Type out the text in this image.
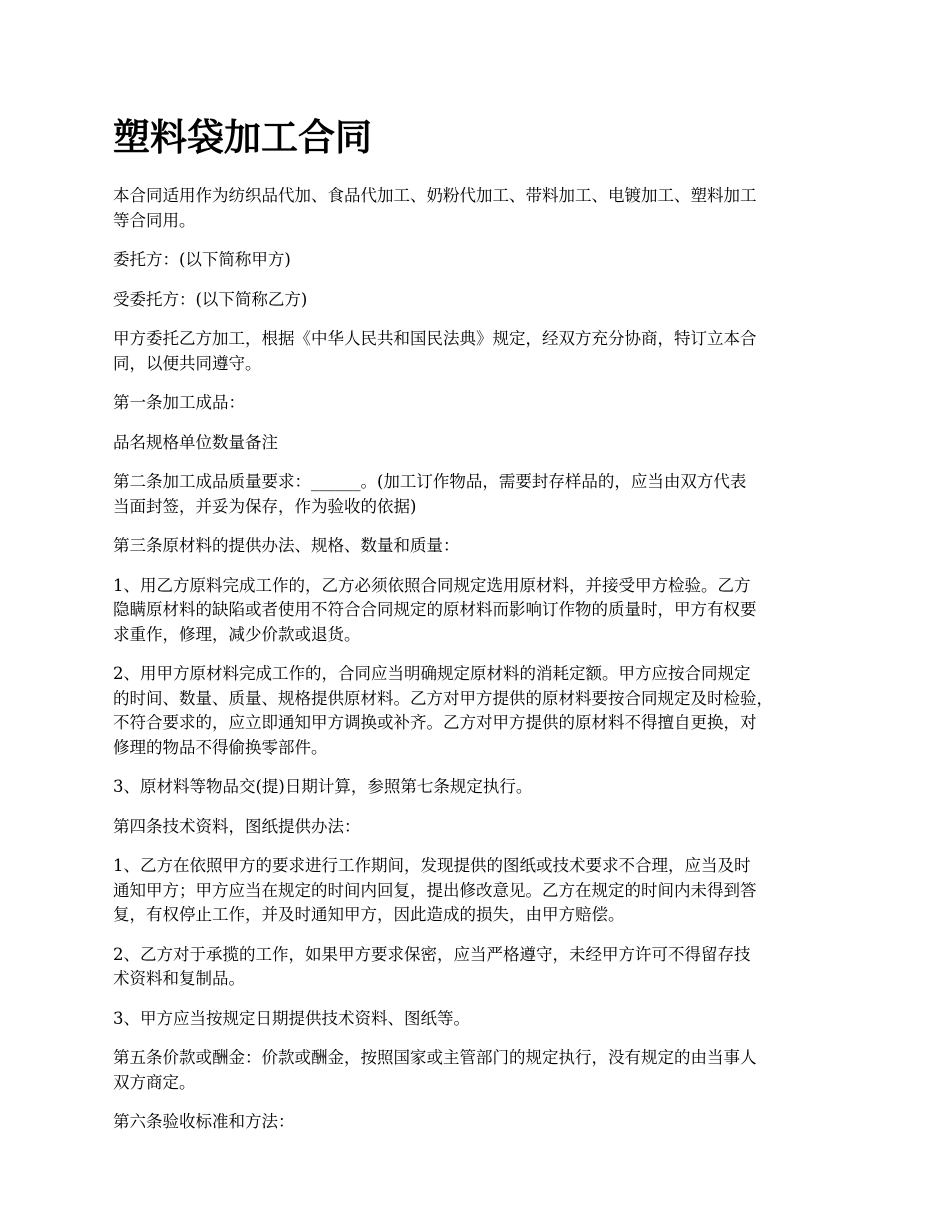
塑料袋加工合同

本合同适用作为纺织品代加、食品代加工、奶粉代加工、带料加工、电镀加工、塑料加工
等合同用。

委托方：(以下简称甲方)

受委托方：(以下简称乙方)

甲方委托乙方加工，根据《中华人民共和国民法典》规定，经双方充分协商，特订立本合
同，以便共同遵守。

第一条加工成品：

品名规格单位数量备注

第二条加工成品质量要求：______。(加工订作物品，需要封存样品的，应当由双方代表
当面封签，并妥为保存，作为验收的依据)

第三条原材料的提供办法、规格、数量和质量：

1、用乙方原料完成工作的，乙方必须依照合同规定选用原材料，并接受甲方检验。乙方
隐瞒原材料的缺陷或者使用不符合合同规定的原材料而影响订作物的质量时，甲方有权要
求重作，修理，减少价款或退货。

2、用甲方原材料完成工作的，合同应当明确规定原材料的消耗定额。甲方应按合同规定
的时间、数量、质量、规格提供原材料。乙方对甲方提供的原材料要按合同规定及时检验，
不符合要求的，应立即通知甲方调换或补齐。乙方对甲方提供的原材料不得擅自更换，对
修理的物品不得偷换零部件。

3、原材料等物品交(提)日期计算，参照第七条规定执行。

第四条技术资料，图纸提供办法：

1、乙方在依照甲方的要求进行工作期间，发现提供的图纸或技术要求不合理，应当及时
通知甲方；甲方应当在规定的时间内回复，提出修改意见。乙方在规定的时间内未得到答
复，有权停止工作，并及时通知甲方，因此造成的损失，由甲方赔偿。

2、乙方对于承揽的工作，如果甲方要求保密，应当严格遵守，未经甲方许可不得留存技
术资料和复制品。

3、甲方应当按规定日期提供技术资料、图纸等。

第五条价款或酬金：价款或酬金，按照国家或主管部门的规定执行，没有规定的由当事人
双方商定。

第六条验收标准和方法：
